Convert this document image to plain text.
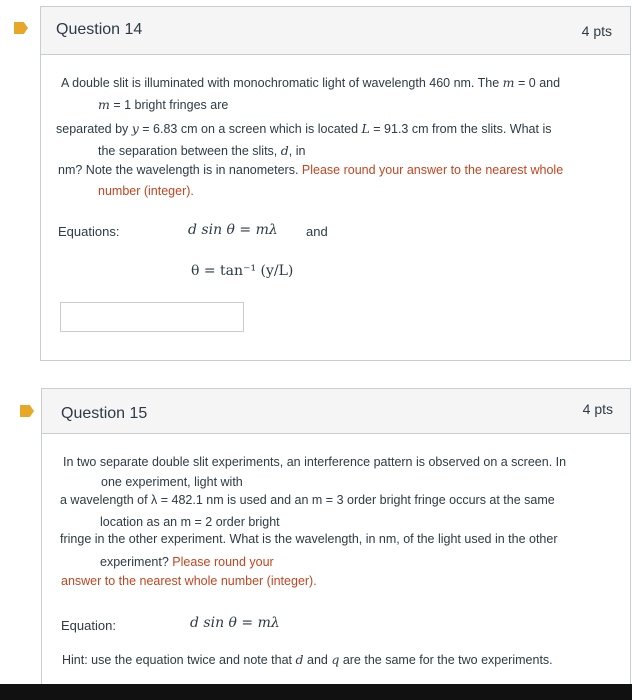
Question 14	4 pts
A double slit is illuminated with monochromatic light of wavelength 460 nm. The m = 0 and
m = 1 bright fringes are
separated by y = 6.83 cm on a screen which is located L = 91.3 cm from the slits. What is
the separation between the slits, d, in
nm? Note the wavelength is in nanometers. Please round your answer to the nearest whole
number (integer).
Equations:	d sin θ = mλ and
θ = tan⁻¹ (y/L)
Question 15	4 pts
In two separate double slit experiments, an interference pattern is observed on a screen. In
one experiment, light with
a wavelength of λ = 482.1 nm is used and an m = 3 order bright fringe occurs at the same
location as an m = 2 order bright
fringe in the other experiment. What is the wavelength, in nm, of the light used in the other
experiment? Please round your
answer to the nearest whole number (integer).
Equation:	d sin θ = mλ
Hint: use the equation twice and note that d and q are the same for the two experiments.
